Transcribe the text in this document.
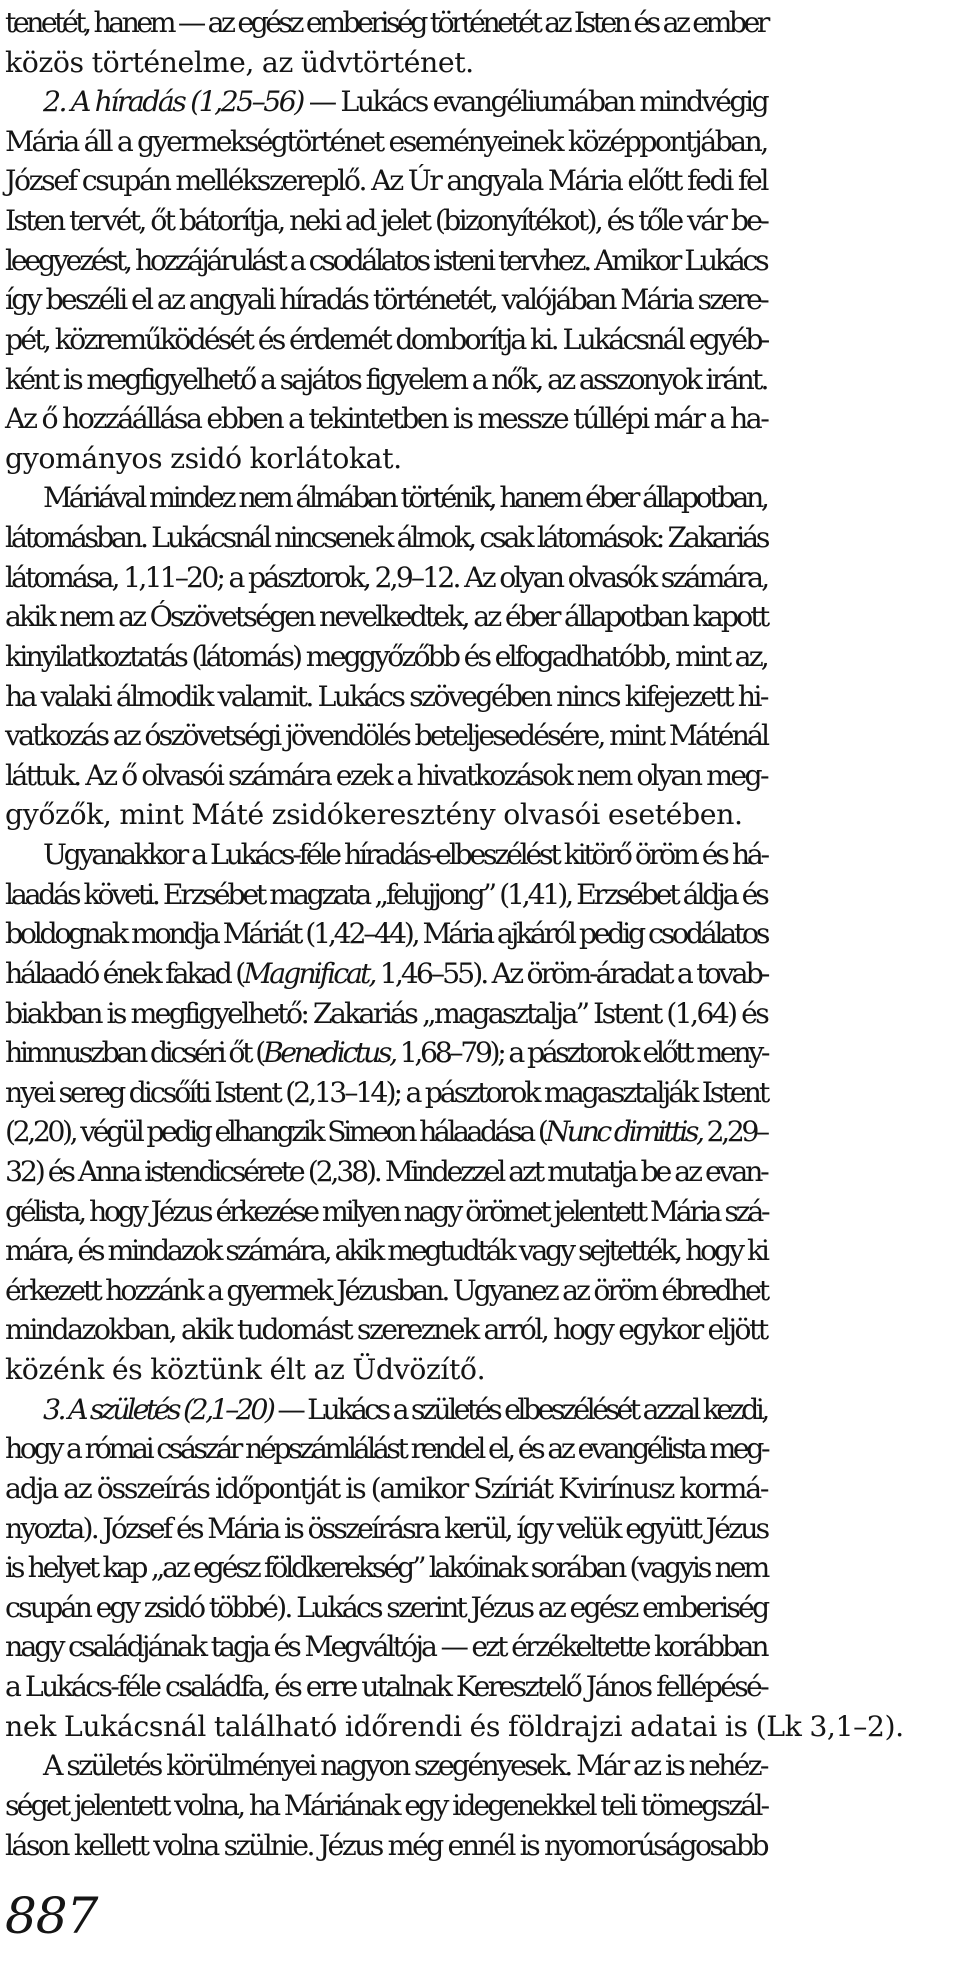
tenetét, hanem — az egész emberiség történetét az Isten és az ember
közös történelme, az üdvtörténet.
2. A híradás (1,25–56) — Lukács evangéliumában mindvégig
Mária áll a gyermekségtörténet eseményeinek középpontjában,
József csupán mellékszereplő. Az Úr angyala Mária előtt fedi fel
Isten tervét, őt bátorítja, neki ad jelet (bizonyítékot), és tőle vár be-
leegyezést, hozzájárulást a csodálatos isteni tervhez. Amikor Lukács
így beszéli el az angyali híradás történetét, valójában Mária szere-
pét, közreműködését és érdemét domborítja ki. Lukácsnál egyéb-
ként is megfigyelhető a sajátos figyelem a nők, az asszonyok iránt.
Az ő hozzáállása ebben a tekintetben is messze túllépi már a ha-
gyományos zsidó korlátokat.
Máriával mindez nem álmában történik, hanem éber állapotban,
látomásban. Lukácsnál nincsenek álmok, csak látomások: Zakariás
látomása, 1,11–20; a pásztorok, 2,9–12. Az olyan olvasók számára,
akik nem az Ószövetségen nevelkedtek, az éber állapotban kapott
kinyilatkoztatás (látomás) meggyőzőbb és elfogadhatóbb, mint az,
ha valaki álmodik valamit. Lukács szövegében nincs kifejezett hi-
vatkozás az ószövetségi jövendölés beteljesedésére, mint Máténál
láttuk. Az ő olvasói számára ezek a hivatkozások nem olyan meg-
győzők, mint Máté zsidókeresztény olvasói esetében.
Ugyanakkor a Lukács-féle híradás-elbeszélést kitörő öröm és há-
laadás követi. Erzsébet magzata „felujjong” (1,41), Erzsébet áldja és
boldognak mondja Máriát (1,42–44), Mária ajkáról pedig csodálatos
hálaadó ének fakad (Magnificat, 1,46–55). Az öröm-áradat a tovab-
biakban is megfigyelhető: Zakariás „magasztalja” Istent (1,64) és
himnuszban dicséri őt (Benedictus, 1,68–79); a pásztorok előtt meny-
nyei sereg dicsőíti Istent (2,13–14); a pásztorok magasztalják Istent
(2,20), végül pedig elhangzik Simeon hálaadása (Nunc dimittis, 2,29–
32) és Anna istendicsérete (2,38). Mindezzel azt mutatja be az evan-
gélista, hogy Jézus érkezése milyen nagy örömet jelentett Mária szá-
mára, és mindazok számára, akik megtudták vagy sejtették, hogy ki
érkezett hozzánk a gyermek Jézusban. Ugyanez az öröm ébredhet
mindazokban, akik tudomást szereznek arról, hogy egykor eljött
közénk és köztünk élt az Üdvözítő.
3. A születés (2,1–20) — Lukács a születés elbeszélését azzal kezdi,
hogy a római császár népszámlálást rendel el, és az evangélista meg-
adja az összeírás időpontját is (amikor Szíriát Kvirínusz kormá-
nyozta). József és Mária is összeírásra kerül, így velük együtt Jézus
is helyet kap „az egész földkerekség” lakóinak sorában (vagyis nem
csupán egy zsidó többé). Lukács szerint Jézus az egész emberiség
nagy családjának tagja és Megváltója — ezt érzékeltette korábban
a Lukács-féle családfa, és erre utalnak Keresztelő János fellépésé-
nek Lukácsnál található időrendi és földrajzi adatai is (Lk 3,1–2).
A születés körülményei nagyon szegényesek. Már az is nehéz-
séget jelentett volna, ha Máriának egy idegenekkel teli tömegszál-
láson kellett volna szülnie. Jézus még ennél is nyomorúságosabb
887
